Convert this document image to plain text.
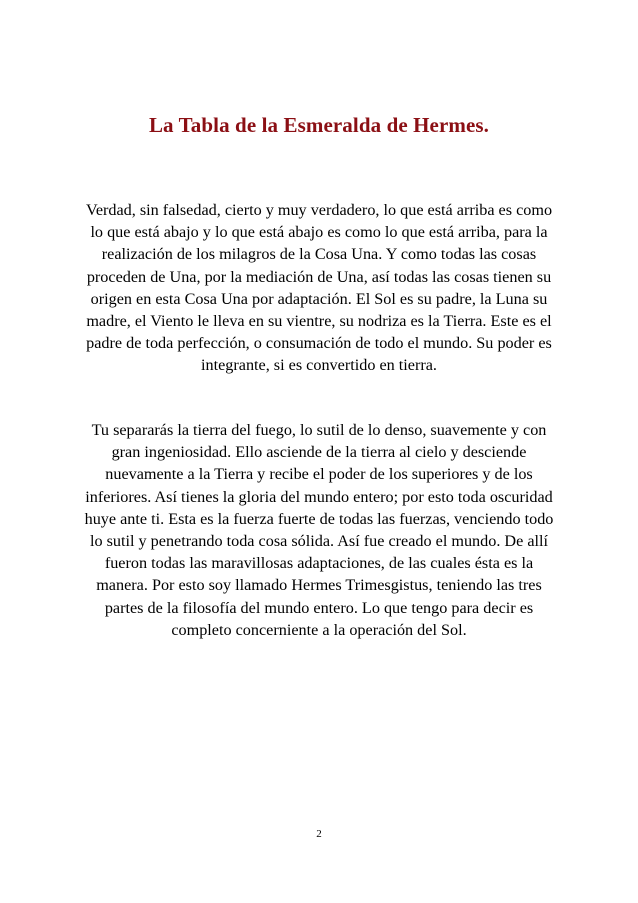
La Tabla de la Esmeralda de Hermes.

Verdad, sin falsedad, cierto y muy verdadero, lo que está arriba es como lo que está abajo y lo que está abajo es como lo que está arriba, para la realización de los milagros de la Cosa Una. Y como todas las cosas proceden de Una, por la mediación de Una, así todas las cosas tienen su origen en esta Cosa Una por adaptación. El Sol es su padre, la Luna su madre, el Viento le lleva en su vientre, su nodriza es la Tierra. Este es el padre de toda perfección, o consumación de todo el mundo. Su poder es integrante, si es convertido en tierra.

Tu separarás la tierra del fuego, lo sutil de lo denso, suavemente y con gran ingeniosidad. Ello asciende de la tierra al cielo y desciende nuevamente a la Tierra y recibe el poder de los superiores y de los inferiores. Así tienes la gloria del mundo entero; por esto toda oscuridad huye ante ti. Esta es la fuerza fuerte de todas las fuerzas, venciendo todo lo sutil y penetrando toda cosa sólida. Así fue creado el mundo. De allí fueron todas las maravillosas adaptaciones, de las cuales ésta es la manera. Por esto soy llamado Hermes Trimesgistus, teniendo las tres partes de la filosofía del mundo entero. Lo que tengo para decir es completo concerniente a la operación del Sol.

2
